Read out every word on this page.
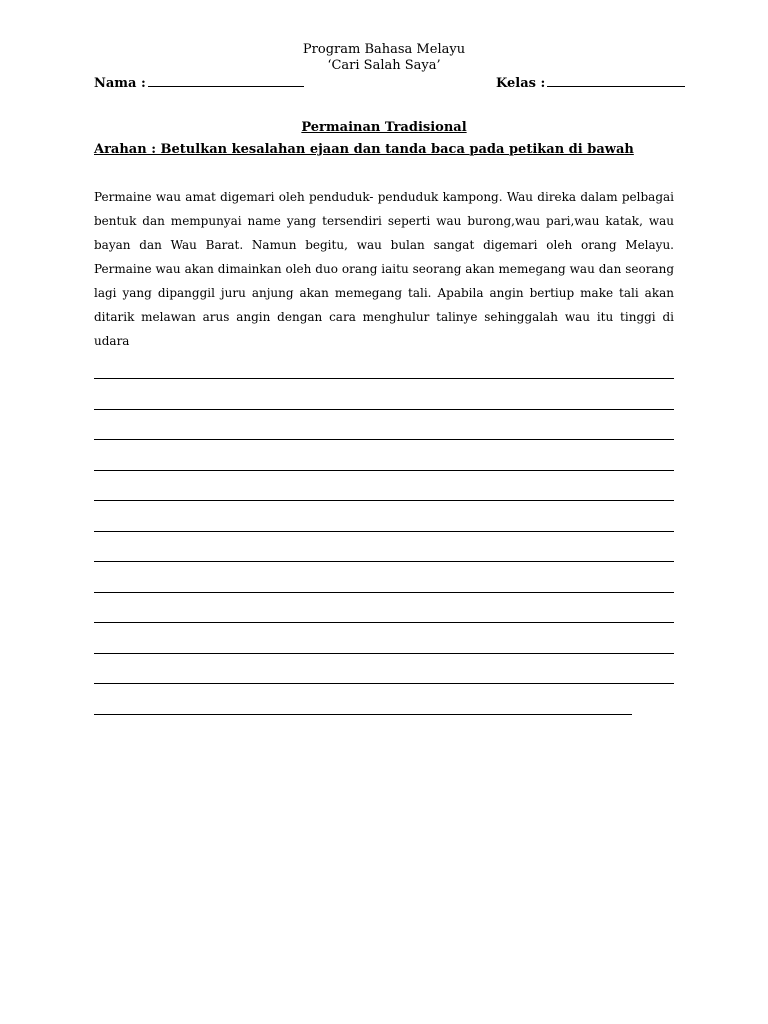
Program Bahasa Melayu
‘Cari Salah Saya’
Nama :	Kelas :
Permainan Tradisional
Arahan : Betulkan kesalahan ejaan dan tanda baca pada petikan di bawah

Permaine wau amat digemari oleh penduduk- penduduk kampong. Wau direka dalam pelbagai bentuk dan mempunyai name yang tersendiri seperti wau burong,wau pari,wau katak, wau bayan dan Wau Barat. Namun begitu, wau bulan sangat digemari oleh orang Melayu. Permaine wau akan dimainkan oleh duo orang iaitu seorang akan memegang wau dan seorang lagi yang dipanggil juru anjung akan memegang tali. Apabila angin bertiup make tali akan ditarik melawan arus angin dengan cara menghulur talinye sehinggalah wau itu tinggi di udara
